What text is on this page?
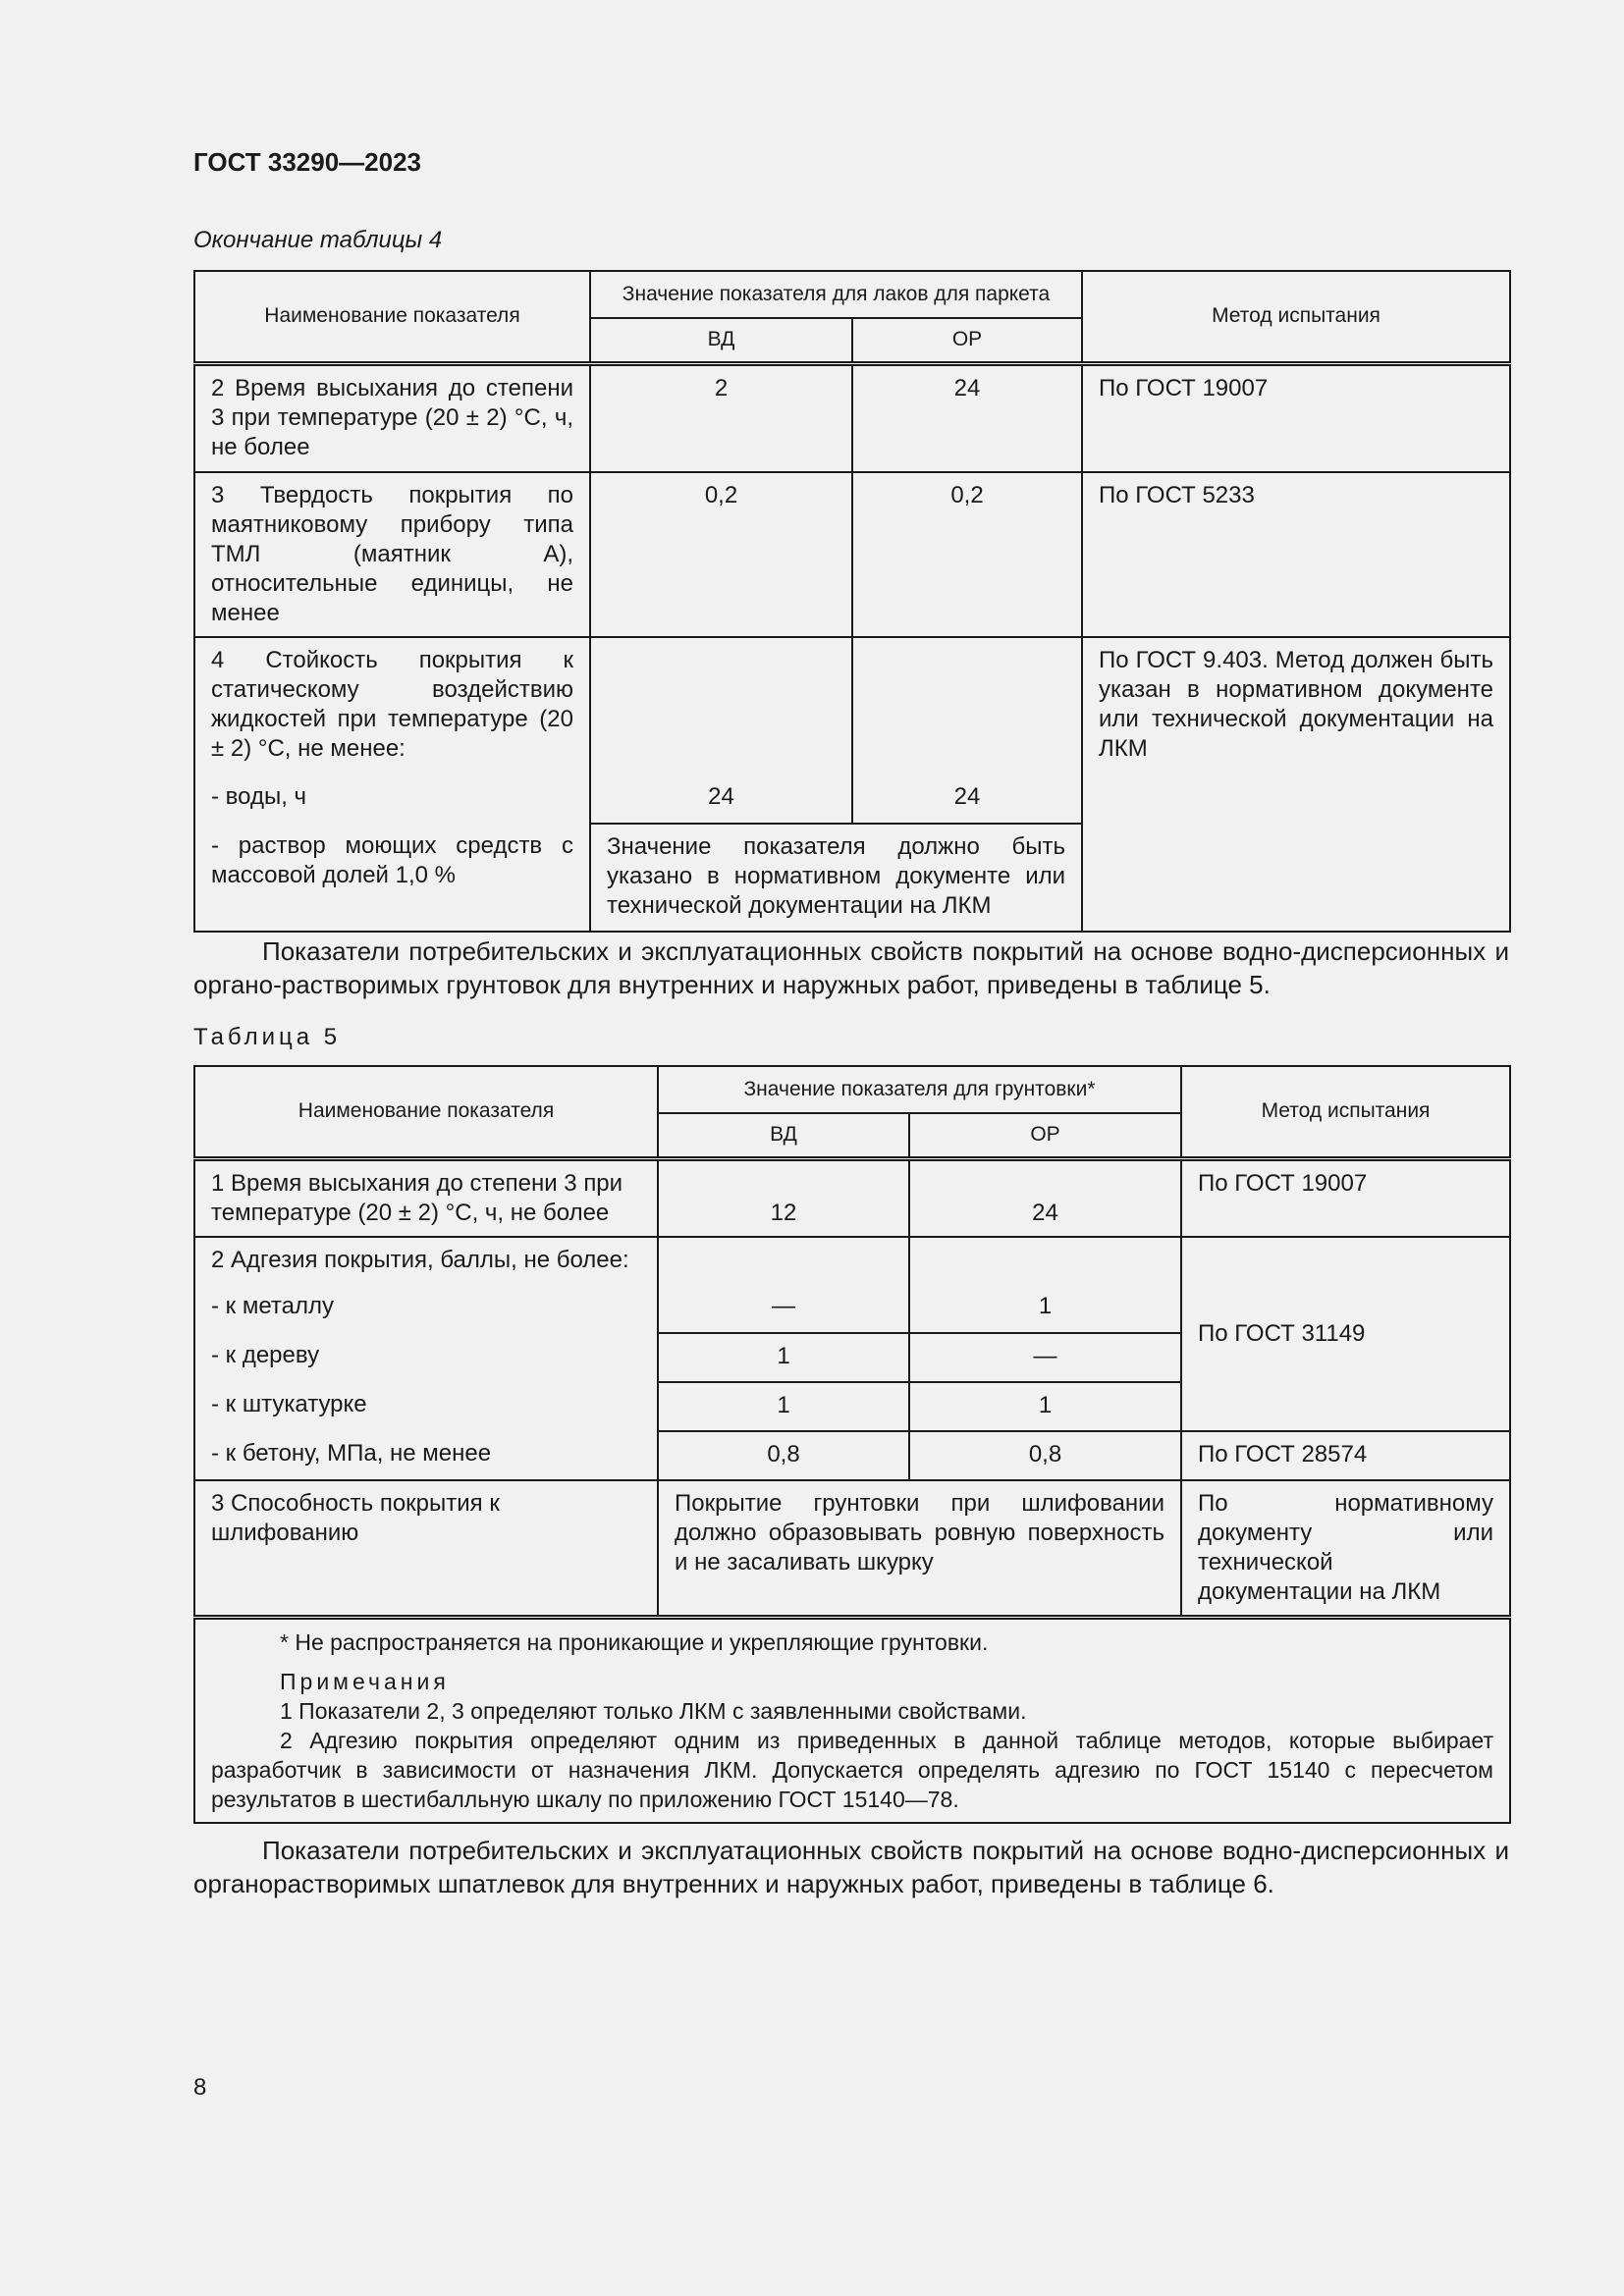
ГОСТ 33290—2023
Окончание таблицы 4
Наименование показателя	Значение показателя для лаков для паркета		Метод испытания
	ВД	ОР	
2 Время высыхания до степени 3 при температуре (20 ± 2) °С, ч, не более	2	24	По ГОСТ 19007
3 Твердость покрытия по маятниковому прибору типа ТМЛ (маятник А), относительные единицы, не менее	0,2	0,2	По ГОСТ 5233
4 Стойкость покрытия к статическому воздействию жидкостей при температуре (20 ± 2) °С, не менее:			По ГОСТ 9.403. Метод должен быть указан в нормативном документе или технической документации на ЛКМ
- воды, ч	24	24	
- раствор моющих средств с массовой долей 1,0 %	Значение показателя должно быть указано в нормативном документе или технической документации на ЛКМ		
Показатели потребительских и эксплуатационных свойств покрытий на основе водно-дисперсионных и органо-растворимых грунтовок для внутренних и наружных работ, приведены в таблице 5.
Таблица 5
Наименование показателя	Значение показателя для грунтовки*		Метод испытания
	ВД	ОР	
1 Время высыхания до степени 3 при температуре (20 ± 2) °С, ч, не более	12	24	По ГОСТ 19007
2 Адгезия покрытия, баллы, не более:			По ГОСТ 31149
- к металлу	—	1	
- к дереву	1	—	
- к штукатурке	1	1	
- к бетону, МПа, не менее	0,8	0,8	По ГОСТ 28574
3 Способность покрытия к шлифованию	Покрытие грунтовки при шлифовании должно образовывать ровную поверхность и не засаливать шкурку		По нормативному документу или технической документации на ЛКМ

* Не распространяется на проникающие и укрепляющие грунтовки.
Примечания
1 Показатели 2, 3 определяют только ЛКМ с заявленными свойствами.
2 Адгезию покрытия определяют одним из приведенных в данной таблице методов, которые выбирает разработчик в зависимости от назначения ЛКМ. Допускается определять адгезию по ГОСТ 15140 с пересчетом результатов в шестибалльную шкалу по приложению ГОСТ 15140—78.			
Показатели потребительских и эксплуатационных свойств покрытий на основе водно-дисперсионных и органорастворимых шпатлевок для внутренних и наружных работ, приведены в таблице 6.
8
